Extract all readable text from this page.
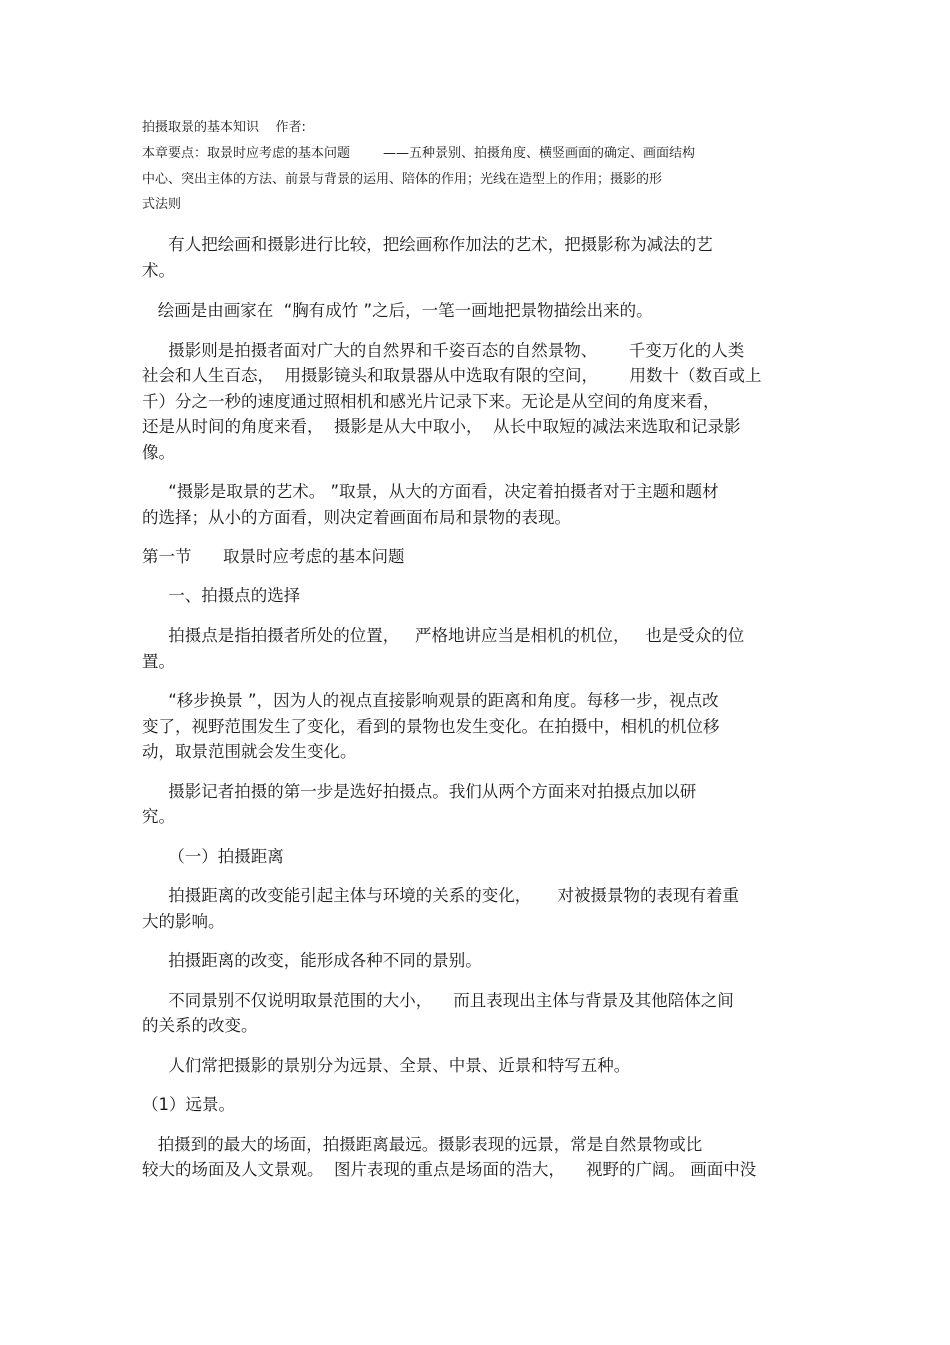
拍摄取景的基本知识    作者:
本章要点：取景时应考虑的基本问题        ——五种景别、拍摄角度、横竖画面的确定、画面结构
中心、突出主体的方法、前景与背景的运用、陪体的作用；光线在造型上的作用；摄影的形
式法则
有人把绘画和摄影进行比较，把绘画称作加法的艺术，把摄影称为减法的艺
术。
绘画是由画家在  “胸有成竹 ”之后，一笔一画地把景物描绘出来的。
摄影则是拍摄者面对广大的自然界和千姿百态的自然景物、      千变万化的人类
社会和人生百态，  用摄影镜头和取景器从中选取有限的空间，      用数十（数百或上
千）分之一秒的速度通过照相机和感光片记录下来。无论是从空间的角度来看，
还是从时间的角度来看，  摄影是从大中取小，  从长中取短的减法来选取和记录影
像。
“摄影是取景的艺术。 ”取景，从大的方面看，决定着拍摄者对于主题和题材
的选择；从小的方面看，则决定着画面布局和景物的表现。
第一节      取景时应考虑的基本问题
一、拍摄点的选择
拍摄点是指拍摄者所处的位置，   严格地讲应当是相机的机位，   也是受众的位
置。
“移步换景 ”，因为人的视点直接影响观景的距离和角度。每移一步，视点改
变了，视野范围发生了变化，看到的景物也发生变化。在拍摄中，相机的机位移
动，取景范围就会发生变化。
摄影记者拍摄的第一步是选好拍摄点。我们从两个方面来对拍摄点加以研
究。
（一）拍摄距离
拍摄距离的改变能引起主体与环境的关系的变化，     对被摄景物的表现有着重
大的影响。
拍摄距离的改变，能形成各种不同的景别。
不同景别不仅说明取景范围的大小，    而且表现出主体与背景及其他陪体之间
的关系的改变。
人们常把摄影的景别分为远景、全景、中景、近景和特写五种。
（1）远景。
拍摄到的最大的场面，拍摄距离最远。摄影表现的远景，常是自然景物或比
较大的场面及人文景观。  图片表现的重点是场面的浩大，    视野的广阔。 画面中没
